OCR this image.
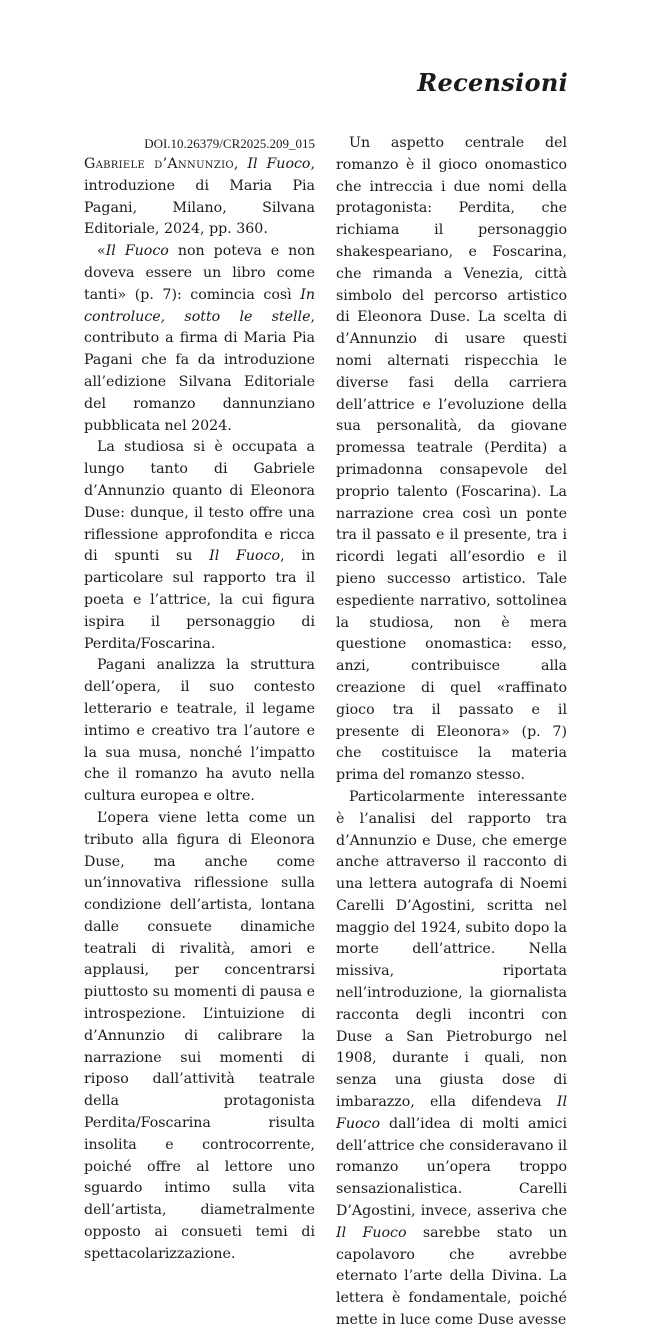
Recensioni

DOI.10.26379/CR2025.209_015

Gabriele d’Annunzio, Il Fuoco, introduzione di Maria Pia Pagani, Milano, Silvana Editoriale, 2024, pp. 360.

«Il Fuoco non poteva e non doveva essere un libro come tanti» (p. 7): comincia così In controluce, sotto le stelle, contributo a firma di Maria Pia Pagani che fa da introduzione all’edizione Silvana Editoriale del romanzo dannunziano pubblicata nel 2024.

La studiosa si è occupata a lungo tanto di Gabriele d’Annunzio quanto di Eleonora Duse: dunque, il testo offre una riflessione approfondita e ricca di spunti su Il Fuoco, in particolare sul rapporto tra il poeta e l’attrice, la cui figura ispira il personaggio di Perdita/Foscarina.

Pagani analizza la struttura dell’opera, il suo contesto letterario e teatrale, il legame intimo e creativo tra l’autore e la sua musa, nonché l’impatto che il romanzo ha avuto nella cultura europea e oltre.

L’opera viene letta come un tributo alla figura di Eleonora Duse, ma anche come un’innovativa riflessione sulla condizione dell’artista, lontana dalle consuete dinamiche teatrali di rivalità, amori e applausi, per concentrarsi piuttosto su momenti di pausa e introspezione. L’intuizione di d’Annunzio di calibrare la narrazione sui momenti di riposo dall’attività teatrale della protagonista Perdita/Foscarina risulta insolita e controcorrente, poiché offre al lettore uno sguardo intimo sulla vita dell’artista, diametralmente opposto ai consueti temi di spettacolarizzazione.

Un aspetto centrale del romanzo è il gioco onomastico che intreccia i due nomi della protagonista: Perdita, che richiama il personaggio shakespeariano, e Foscarina, che rimanda a Venezia, città simbolo del percorso artistico di Eleonora Duse. La scelta di d’Annunzio di usare questi nomi alternati rispecchia le diverse fasi della carriera dell’attrice e l’evoluzione della sua personalità, da giovane promessa teatrale (Perdita) a primadonna consapevole del proprio talento (Foscarina). La narrazione crea così un ponte tra il passato e il presente, tra i ricordi legati all’esordio e il pieno successo artistico. Tale espediente narrativo, sottolinea la studiosa, non è mera questione onomastica: esso, anzi, contribuisce alla creazione di quel «raffinato gioco tra il passato e il presente di Eleonora» (p. 7) che costituisce la materia prima del romanzo stesso.

Particolarmente interessante è l’analisi del rapporto tra d’Annunzio e Duse, che emerge anche attraverso il racconto di una lettera autografa di Noemi Carelli D’Agostini, scritta nel maggio del 1924, subito dopo la morte dell’attrice. Nella missiva, riportata nell’introduzione, la giornalista racconta degli incontri con Duse a San Pietroburgo nel 1908, durante i quali, non senza una giusta dose di imbarazzo, ella difendeva Il Fuoco dall’idea di molti amici dell’attrice che consideravano il romanzo un’opera troppo sensazionalistica. Carelli D’Agostini, invece, asseriva che Il Fuoco sarebbe stato un capolavoro che avrebbe eternato l’arte della Divina. La lettera è fondamentale, poiché mette in luce come Duse avesse
